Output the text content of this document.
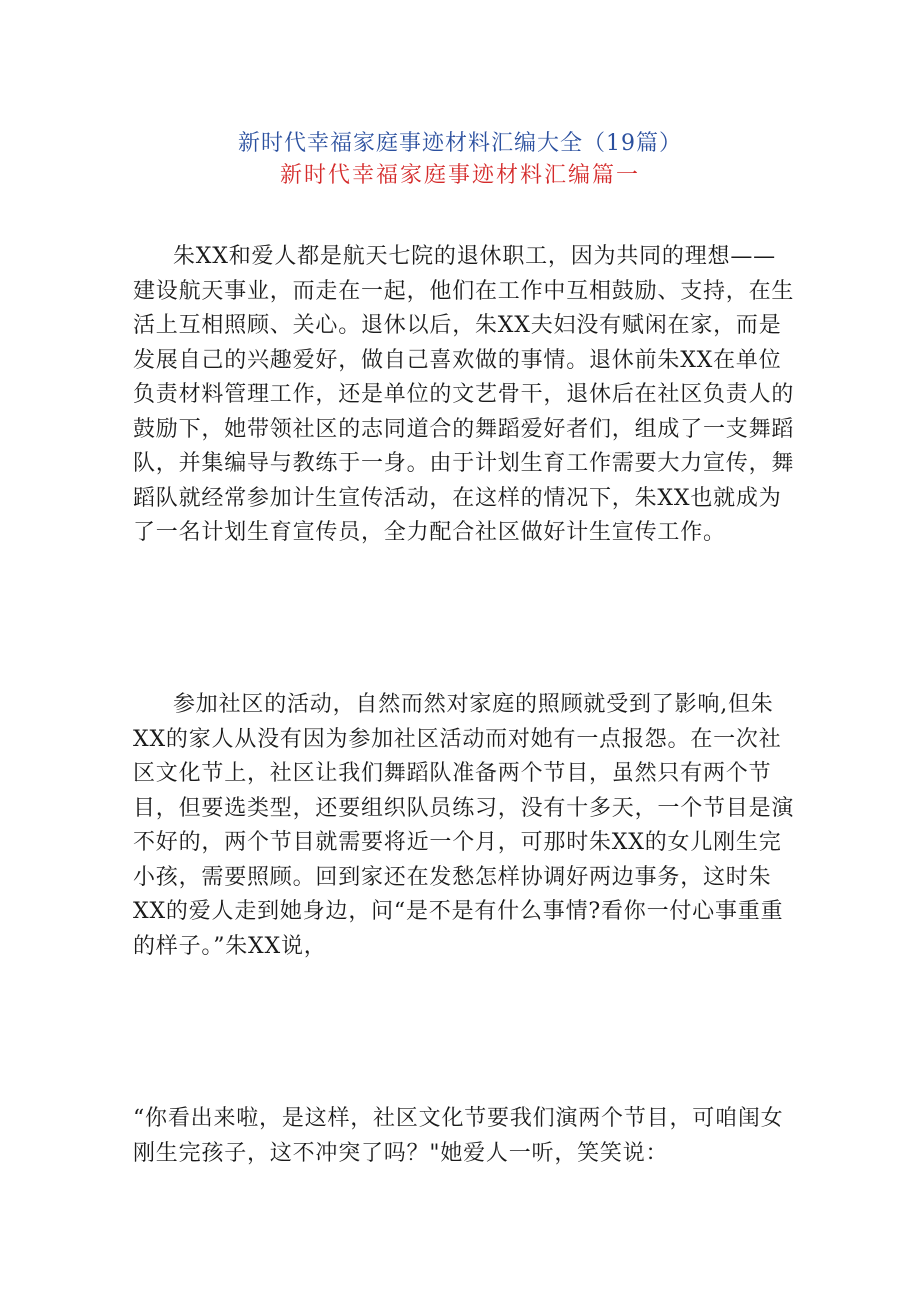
新时代幸福家庭事迹材料汇编大全（19篇）
新时代幸福家庭事迹材料汇编篇一

朱XX和爱人都是航天七院的退休职工，因为共同的理想——建设航天事业，而走在一起，他们在工作中互相鼓励、支持，在生活上互相照顾、关心。退休以后，朱XX夫妇没有赋闲在家，而是发展自己的兴趣爱好，做自己喜欢做的事情。退休前朱XX在单位负责材料管理工作，还是单位的文艺骨干，退休后在社区负责人的鼓励下，她带领社区的志同道合的舞蹈爱好者们，组成了一支舞蹈队，并集编导与教练于一身。由于计划生育工作需要大力宣传，舞蹈队就经常参加计生宣传活动，在这样的情况下，朱XX也就成为了一名计划生育宣传员，全力配合社区做好计生宣传工作。

参加社区的活动，自然而然对家庭的照顾就受到了影响,但朱XX的家人从没有因为参加社区活动而对她有一点报怨。在一次社区文化节上，社区让我们舞蹈队准备两个节目，虽然只有两个节目，但要选类型，还要组织队员练习，没有十多天，一个节目是演不好的，两个节目就需要将近一个月，可那时朱XX的女儿刚生完小孩，需要照顾。回到家还在发愁怎样协调好两边事务，这时朱XX的爱人走到她身边，问“是不是有什么事情?看你一付心事重重的样子。”朱XX说，

“你看出来啦，是这样，社区文化节要我们演两个节目，可咱闺女刚生完孩子，这不冲突了吗？"她爱人一听，笑笑说：
